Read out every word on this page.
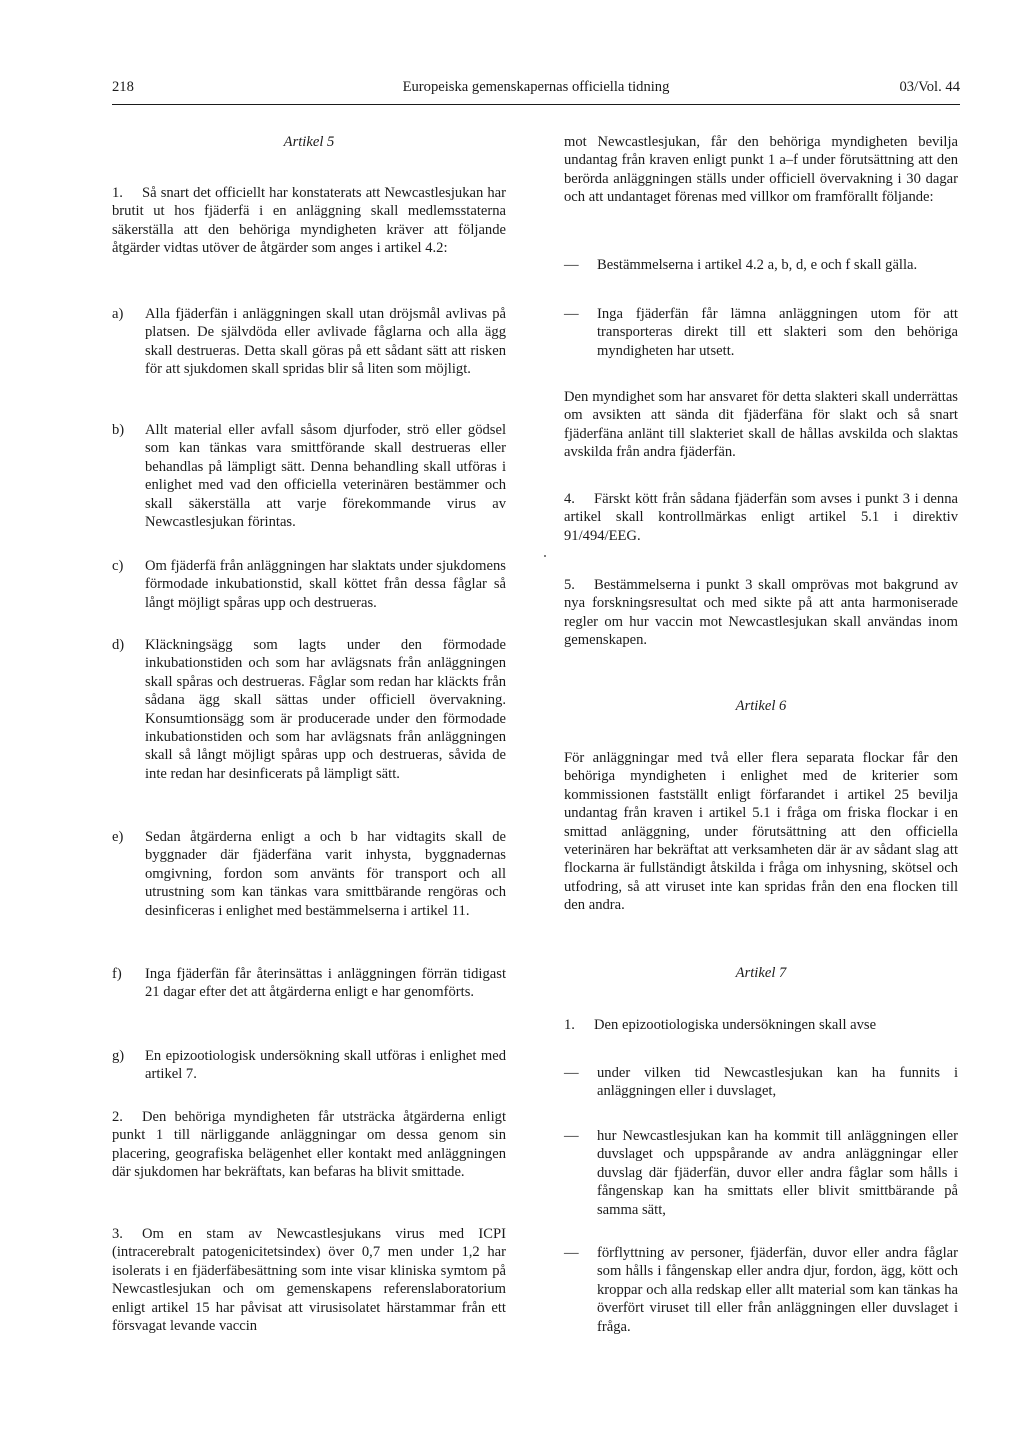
218	Europeiska gemenskapernas officiella tidning	03/Vol. 44
Artikel 5
1. Så snart det officiellt har konstaterats att Newcastlesjukan har brutit ut hos fjäderfä i en anläggning skall medlemsstaterna säkerställa att den behöriga myndigheten kräver att följande åtgärder vidtas utöver de åtgärder som anges i artikel 4.2:
a)	Alla fjäderfän i anläggningen skall utan dröjsmål avlivas på platsen. De självdöda eller avlivade fåglarna och alla ägg skall destrueras. Detta skall göras på ett sådant sätt att risken för att sjukdomen skall spridas blir så liten som möjligt.
b)	Allt material eller avfall såsom djurfoder, strö eller gödsel som kan tänkas vara smittförande skall destrueras eller behandlas på lämpligt sätt. Denna behandling skall utföras i enlighet med vad den officiella veterinären bestämmer och skall säkerställa att varje förekommande virus av Newcastlesjukan förintas.
c)	Om fjäderfä från anläggningen har slaktats under sjukdomens förmodade inkubationstid, skall köttet från dessa fåglar så långt möjligt spåras upp och destrueras.
d)	Kläckningsägg som lagts under den förmodade inkubationstiden och som har avlägsnats från anläggningen skall spåras och destrueras. Fåglar som redan har kläckts från sådana ägg skall sättas under officiell övervakning. Konsumtionsägg som är producerade under den förmodade inkubationstiden och som har avlägsnats från anläggningen skall så långt möjligt spåras upp och destrueras, såvida de inte redan har desinficerats på lämpligt sätt.
e)	Sedan åtgärderna enligt a och b har vidtagits skall de byggnader där fjäderfäna varit inhysta, byggnadernas omgivning, fordon som använts för transport och all utrustning som kan tänkas vara smittbärande rengöras och desinficeras i enlighet med bestämmelserna i artikel 11.
f)	Inga fjäderfän får återinsättas i anläggningen förrän tidigast 21 dagar efter det att åtgärderna enligt e har genomförts.
g)	En epizootiologisk undersökning skall utföras i enlighet med artikel 7.
2. Den behöriga myndigheten får utsträcka åtgärderna enligt punkt 1 till närliggande anläggningar om dessa genom sin placering, geografiska belägenhet eller kontakt med anläggningen där sjukdomen har bekräftats, kan befaras ha blivit smittade.
3. Om en stam av Newcastlesjukans virus med ICPI (intracerebralt patogenicitetsindex) över 0,7 men under 1,2 har isolerats i en fjäderfäbesättning som inte visar kliniska symtom på Newcastlesjukan och om gemenskapens referenslaboratorium enligt artikel 15 har påvisat att virusisolatet härstammar från ett försvagat levande vaccin
mot Newcastlesjukan, får den behöriga myndigheten bevilja undantag från kraven enligt punkt 1 a–f under förutsättning att den berörda anläggningen ställs under officiell övervakning i 30 dagar och att undantaget förenas med villkor om framförallt följande:
—	Bestämmelserna i artikel 4.2 a, b, d, e och f skall gälla.
—	Inga fjäderfän får lämna anläggningen utom för att transporteras direkt till ett slakteri som den behöriga myndigheten har utsett.
Den myndighet som har ansvaret för detta slakteri skall underrättas om avsikten att sända dit fjäderfäna för slakt och så snart fjäderfäna anlänt till slakteriet skall de hållas avskilda och slaktas avskilda från andra fjäderfän.
4. Färskt kött från sådana fjäderfän som avses i punkt 3 i denna artikel skall kontrollmärkas enligt artikel 5.1 i direktiv 91/494/EEG.
5. Bestämmelserna i punkt 3 skall omprövas mot bakgrund av nya forskningsresultat och med sikte på att anta harmoniserade regler om hur vaccin mot Newcastlesjukan skall användas inom gemenskapen.
Artikel 6
För anläggningar med två eller flera separata flockar får den behöriga myndigheten i enlighet med de kriterier som kommissionen fastställt enligt förfarandet i artikel 25 bevilja undantag från kraven i artikel 5.1 i fråga om friska flockar i en smittad anläggning, under förutsättning att den officiella veterinären har bekräftat att verksamheten där är av sådant slag att flockarna är fullständigt åtskilda i fråga om inhysning, skötsel och utfodring, så att viruset inte kan spridas från den ena flocken till den andra.
Artikel 7
1. Den epizootiologiska undersökningen skall avse
—	under vilken tid Newcastlesjukan kan ha funnits i anläggningen eller i duvslaget,
—	hur Newcastlesjukan kan ha kommit till anläggningen eller duvslaget och uppspårande av andra anläggningar eller duvslag där fjäderfän, duvor eller andra fåglar som hålls i fångenskap kan ha smittats eller blivit smittbärande på samma sätt,
—	förflyttning av personer, fjäderfän, duvor eller andra fåglar som hålls i fångenskap eller andra djur, fordon, ägg, kött och kroppar och alla redskap eller allt material som kan tänkas ha överfört viruset till eller från anläggningen eller duvslaget i fråga.
